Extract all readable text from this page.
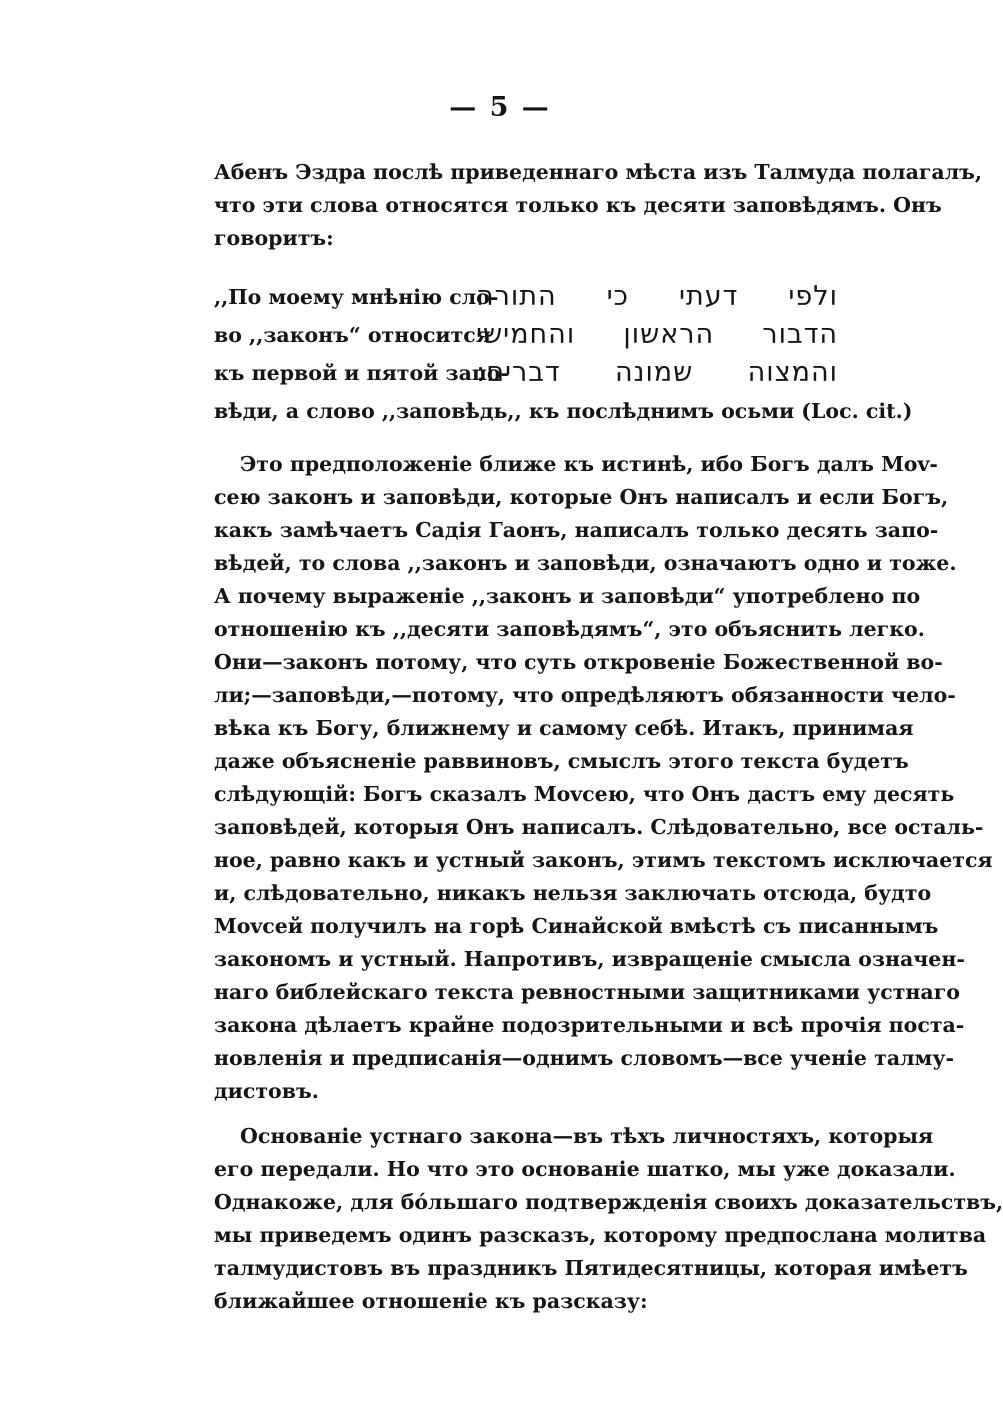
— 5 —
Абенъ Эздра послѣ приведеннаго мѣста изъ Талмуда полагалъ,
что эти слова относятся только къ десяти заповѣдямъ. Онъ
говоритъ:
,,По моему мнѣнію сло-
во ,,законъ“ относится
къ первой и пятой запо-
ולפי דעתי כי התורה
הדבור הראשון והחמישי
והמצוה שמונה דברים:
вѣди, а слово ,,заповѣдь,, къ послѣднимъ осьми (Loc. cit.)
Это предположеніе ближе къ истинѣ, ибо Богъ далъ Моv-
сею законъ и заповѣди, которые Онъ написалъ и если Богъ,
какъ замѣчаетъ Садія Гаонъ, написалъ только десять запо-
вѣдей, то слова ,,законъ и заповѣди, означаютъ одно и тоже.
А почему выраженіе ,,законъ и заповѣди“ употреблено по
отношенію къ ,,десяти заповѣдямъ“, это объяснить легко.
Они—законъ потому, что суть откровеніе Божественной во-
ли;—заповѣди,—потому, что опредѣляютъ обязанности чело-
вѣка къ Богу, ближнему и самому себѣ. Итакъ, принимая
даже объясненіе раввиновъ, смыслъ этого текста будетъ
слѣдующій: Богъ сказалъ Моvсею, что Онъ дастъ ему десять
заповѣдей, которыя Онъ написалъ. Слѣдовательно, все осталь-
ное, равно какъ и устный законъ, этимъ текстомъ исключается
и, слѣдовательно, никакъ нельзя заключать отсюда, будто
Моvсей получилъ на горѣ Синайской вмѣстѣ съ писаннымъ
закономъ и устный. Напротивъ, извращеніе смысла означен-
наго библейскаго текста ревностными защитниками устнаго
закона дѣлаетъ крайне подозрительными и всѣ прочія поста-
новленія и предписанія—однимъ словомъ—все ученіе талму-
дистовъ.
Основаніе устнаго закона—въ тѣхъ личностяхъ, которыя
его передали. Но что это основаніе шатко, мы уже доказали.
Однакоже, для бо́льшаго подтвержденія своихъ доказательствъ,
мы приведемъ одинъ разсказъ, которому предпослана молитва
талмудистовъ въ праздникъ Пятидесятницы, которая имѣетъ
ближайшее отношеніе къ разсказу:
